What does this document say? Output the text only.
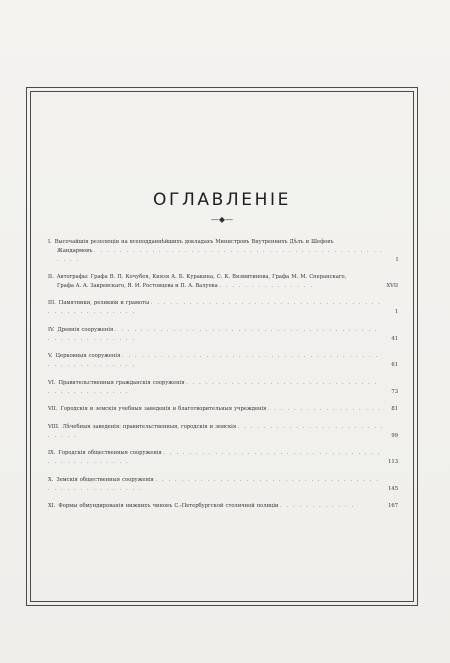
ОГЛАВЛЕНІЕ
—◆—
I. Высочайшія резолюціи на всеподданнѣйшихъ докладахъ Министровъ Внутреннихъ Дѣлъ и Шефовъ
Жандармовъ . . . . . . . . . . . . . . . . . . . . . . . . . . . . . . . . . . . . . . . . . . . . . . . . .	I
II. Автографы: Графа В. П. Кочубея, Князя А. Б. Куракина, С. К. Вязмитинова, Графа М. М. Сперанскаго,
Графа А. А. Закревскаго, Я. И. Ростовцева и П. А. Валуева . . . . . . . . . . . . . . .	XVII
III. Памятники, реликвіи и грамоты . . . . . . . . . . . . . . . . . . . . . . . . . . . . . . . . . . . . . . . . . . . . . . . . . .	1
IV. Древнія сооруженія . . . . . . . . . . . . . . . . . . . . . . . . . . . . . . . . . . . . . . . . . . . . . . . . . . . . . . .	41
V. Церковныя сооруженія . . . . . . . . . . . . . . . . . . . . . . . . . . . . . . . . . . . . . . . . . . . . . . . . . . . . . .	61
VI. Правительственныя гражданскія сооруженія . . . . . . . . . . . . . . . . . . . . . . . . . . . . . . . . . . . . . . . . . . .	73
VII. Городскія и земскія учебныя заведенія и благотворительныя учрежденія . . . . . . . . . . . . . . . . . . 81
VIII. Лѣчебныя заведенія: правительственныя, городскія и земскія . . . . . . . . . . . . . . . . . . . . . . . . . . . .	99
IX. Городскія общественныя сооруженія . . . . . . . . . . . . . . . . . . . . . . . . . . . . . . . . . . . . . . . . . . . . . . .	113
X. Земскія общественныя сооруженія . . . . . . . . . . . . . . . . . . . . . . . . . . . . . . . . . . . . . . . . . . . . . . . . . .	145
XI. Формы обмундированія нижнихъ чиновъ С.-Петербургской столичной полиціи . . . . . . . . . . . .	167
